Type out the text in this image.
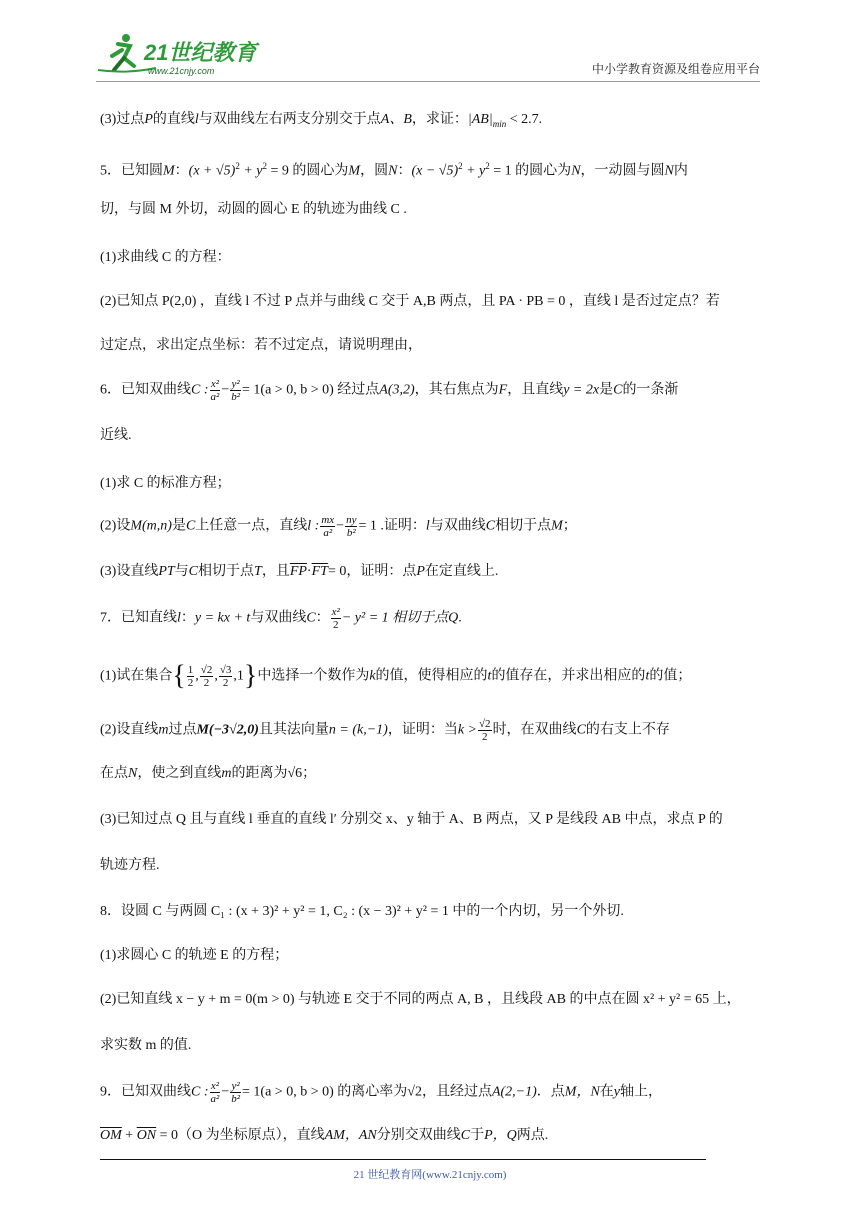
21世纪教育
www.21cnjy.com	中小学教育资源及组卷应用平台
(3)过点P的直线l与双曲线左右两支分别交于点A、B，求证：$|AB|_{min} < 2.7$.
5．已知圆M：$(x + √5)^2 + y^2 = 9$ 的圆心为M，圆N：$(x - √5)^2 + y^2 = 1$ 的圆心为N，一动圆与圆N内
切，与圆 M 外切，动圆的圆心 E 的轨迹为曲线 C .
(1)求曲线 C 的方程：
(2)已知点 P(2,0) ，直线 l 不过 P 点并与曲线 C 交于 A,B 两点，且 PA · PB = 0 ，直线 l 是否过定点？若
过定点，求出定点坐标：若不过定点，请说明理由，
6．已知双曲线C : $\frac{\text{x²}}{\text{a²}} - \frac{\text{y²}}{\text{b²}} = 1(a > 0$, b > 0) 经过点A(3,2)，其右焦点为F，且直线y = 2x是C的一条渐
近线.
(1)求 C 的标准方程；
(2)设M(m,n)是C上任意一点，直线l : $\frac{mx}{\text{a²}} - \frac{ny}{\text{b²}} = 1$ .证明：l与双曲线C相切于点M；
(3)设直线PT与C相切于点T，且$\overline{FP}\cdot\overline{FT}= 0$，证明：点P在定直线上.
7．已知直线l：y = kx + t与双曲线C： $\frac{\text{x²}}{2} - y^2 = 1$ 相切于点Q.
(1)试在集合{ $\frac{1}{2}$ , $\frac{√2}{2}$ , $\frac{√3}{2} ,1$}中选择一个数作为k的值，使得相应的t的值存在，并求出相应的t的值；
(2)设直线m过点M(−3√2,0)且其法向量n = (k,−1)，证明：当$k > \frac{√2}{2}$ 时，在双曲线C的右支上不存
在点N，使之到直线m的距离为√6；
(3)已知过点 Q 且与直线 l 垂直的直线 l′ 分别交 x、y 轴于 A、B 两点，又 P 是线段 AB 中点，求点 P 的
轨迹方程.
8．设圆 C 与两圆 C₁ : (x + 3)² + y² = 1, C₂ : (x − 3)² + y² = 1 中的一个内切，另一个外切.
(1)求圆心 C 的轨迹 E 的方程；
(2)已知直线 x − y + m = 0(m > 0) 与轨迹 E 交于不同的两点 A, B ，且线段 AB 的中点在圆 x² + y² = 65 上，
求实数 m 的值.
9．已知双曲线C : $\frac{\text{x²}}{\text{a²}} - \frac{\text{y²}}{\text{b²}} = 1(a > 0$, b > 0) 的离心率为√2，且经过点A(2,−1)．点M，N在y轴上，
$\overline{OM} + \overline{ON} = 0(O$ 为坐标原点），直线AM，AN分别交双曲线C于P，Q两点.
21 世纪教育网(www.21cnjy.com)
